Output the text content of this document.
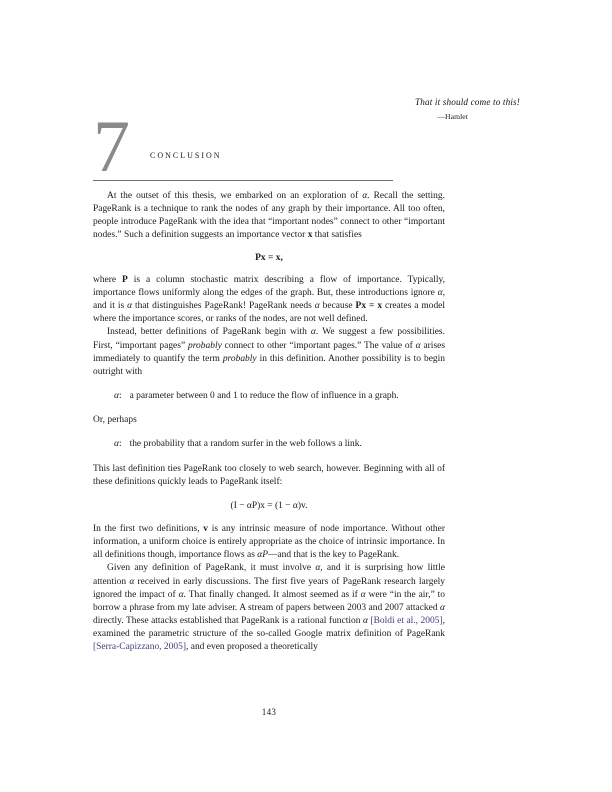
That it should come to this!
—Hamlet
7 conclusion

At the outset of this thesis, we embarked on an exploration of α. Recall the setting. PageRank is a technique to rank the nodes of any graph by their importance. All too often, people introduce PageRank with the idea that “important nodes” connect to other “important nodes.” Such a definition suggests an importance vector x that satisfies

Px = x,

where P is a column stochastic matrix describing a flow of importance. Typically, importance flows uniformly along the edges of the graph. But, these introductions ignore α, and it is α that distinguishes PageRank! PageRank needs α because Px = x creates a model where the importance scores, or ranks of the nodes, are not well defined.

Instead, better definitions of PageRank begin with α. We suggest a few possibilities. First, “important pages” probably connect to other “important pages.” The value of α arises immediately to quantify the term probably in this definition. Another possibility is to begin outright with

α: a parameter between 0 and 1 to reduce the flow of influence in a graph.

Or, perhaps

α: the probability that a random surfer in the web follows a link.

This last definition ties PageRank too closely to web search, however. Beginning with all of these definitions quickly leads to PageRank itself:

(I − αP)x = (1 − α)v.

In the first two definitions, v is any intrinsic measure of node importance. Without other information, a uniform choice is entirely appropriate as the choice of intrinsic importance. In all definitions though, importance flows as αP—and that is the key to PageRank.

Given any definition of PageRank, it must involve α, and it is surprising how little attention α received in early discussions. The first five years of PageRank research largely ignored the impact of α. That finally changed. It almost seemed as if α were “in the air,” to borrow a phrase from my late adviser. A stream of papers between 2003 and 2007 attacked α directly. These attacks established that PageRank is a rational function α [Boldi et al., 2005], examined the parametric structure of the so-called Google matrix definition of PageRank [Serra-Capizzano, 2005], and even proposed a theoretically

143
